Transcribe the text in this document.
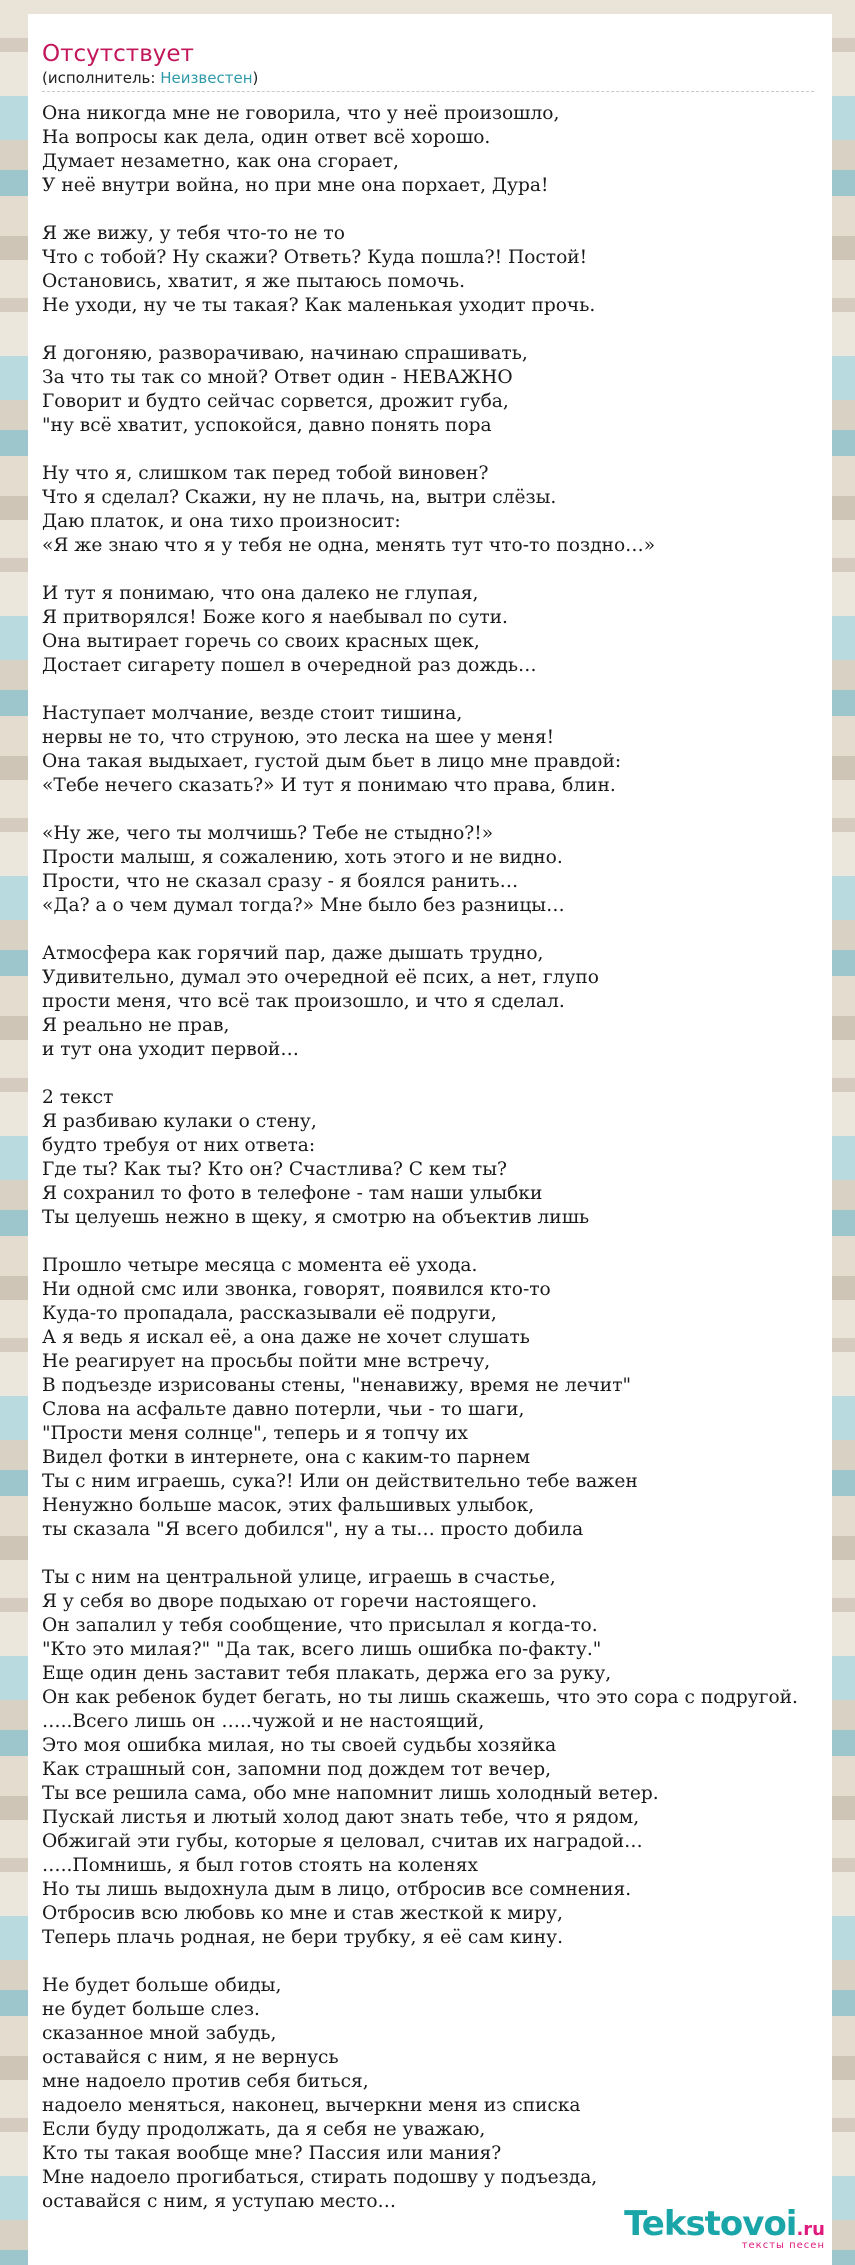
Отсутствует
(исполнитель: Неизвестен)
Она никогда мне не говорила, что у неё произошло,
На вопросы как дела, один ответ всё хорошо.
Думает незаметно, как она сгорает,
У неё внутри война, но при мне она порхает, Дура!
Я же вижу, у тебя что-то не то
Что с тобой? Ну скажи? Ответь? Куда пошла?! Постой!
Остановись, хватит, я же пытаюсь помочь.
Не уходи, ну че ты такая? Как маленькая уходит прочь.
Я догоняю, разворачиваю, начинаю спрашивать,
За что ты так со мной? Ответ один - НЕВАЖНО
Говорит и будто сейчас сорвется, дрожит губа,
"ну всё хватит, успокойся, давно понять пора
Ну что я, слишком так перед тобой виновен?
Что я сделал? Скажи, ну не плачь, на, вытри слёзы.
Даю платок, и она тихо произносит:
«Я же знаю что я у тебя не одна, менять тут что-то поздно…»
И тут я понимаю, что она далеко не глупая,
Я притворялся! Боже кого я наебывал по сути.
Она вытирает горечь со своих красных щек,
Достает сигарету пошел в очередной раз дождь…
Наступает молчание, везде стоит тишина,
нервы не то, что струною, это леска на шее у меня!
Она такая выдыхает, густой дым бьет в лицо мне правдой:
«Тебе нечего сказать?» И тут я понимаю что права, блин.
«Ну же, чего ты молчишь? Тебе не стыдно?!»
Прости малыш, я сожалению, хоть этого и не видно.
Прости, что не сказал сразу - я боялся ранить…
«Да? а о чем думал тогда?» Мне было без разницы…
Атмосфера как горячий пар, даже дышать трудно,
Удивительно, думал это очередной её псих, а нет, глупо
прости меня, что всё так произошло, и что я сделал.
Я реально не прав,
и тут она уходит первой…
2 текст
Я разбиваю кулаки о стену,
будто требуя от них ответа:
Где ты? Как ты? Кто он? Счастлива? С кем ты?
Я сохранил то фото в телефоне - там наши улыбки
Ты целуешь нежно в щеку, я смотрю на объектив лишь
Прошло четыре месяца с момента её ухода.
Ни одной смс или звонка, говорят, появился кто-то
Куда-то пропадала, рассказывали её подруги,
А я ведь я искал её, а она даже не хочет слушать
Не реагирует на просьбы пойти мне встречу,
В подъезде изрисованы стены, "ненавижу, время не лечит"
Слова на асфальте давно потерли, чьи - то шаги,
"Прости меня солнце", теперь и я топчу их
Видел фотки в интернете, она с каким-то парнем
Ты с ним играешь, сука?! Или он действительно тебе важен
Ненужно больше масок, этих фальшивых улыбок,
ты сказала "Я всего добился", ну а ты… просто добила
Ты с ним на центральной улице, играешь в счастье,
Я у себя во дворе подыхаю от горечи настоящего.
Он запалил у тебя сообщение, что присылал я когда-то.
"Кто это милая?" "Да так, всего лишь ошибка по-факту."
Еще один день заставит тебя плакать, держа его за руку,
Он как ребенок будет бегать, но ты лишь скажешь, что это сора с подругой.
…..Всего лишь он …..чужой и не настоящий,
Это моя ошибка милая, но ты своей судьбы хозяйка
Как страшный сон, запомни под дождем тот вечер,
Ты все решила сама, обо мне напомнит лишь холодный ветер.
Пускай листья и лютый холод дают знать тебе, что я рядом,
Обжигай эти губы, которые я целовал, считав их наградой…
…..Помнишь, я был готов стоять на коленях
Но ты лишь выдохнула дым в лицо, отбросив все сомнения.
Отбросив всю любовь ко мне и став жесткой к миру,
Теперь плачь родная, не бери трубку, я её сам кину.
Не будет больше обиды,
не будет больше слез.
сказанное мной забудь,
оставайся с ним, я не вернусь
мне надоело против себя биться,
надоело меняться, наконец, вычеркни меня из списка
Если буду продолжать, да я себя не уважаю,
Кто ты такая вообще мне? Пассия или мания?
Мне надоело прогибаться, стирать подошву у подъезда,
оставайся с ним, я уступаю место…
Tekstovoi.ru
тексты песен
